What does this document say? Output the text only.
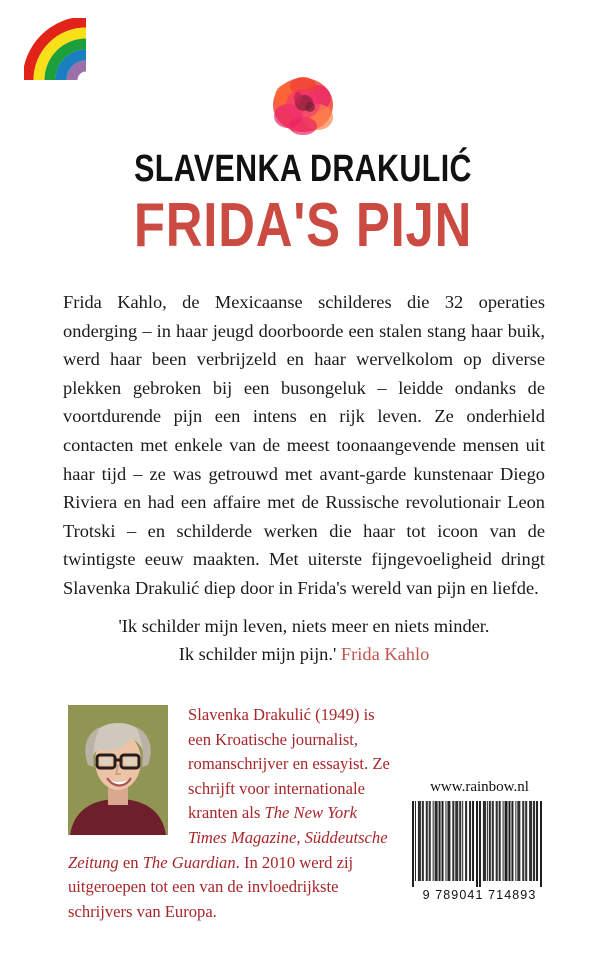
SLAVENKA DRAKULIĆ
FRIDA'S PIJN
Frida Kahlo, de Mexicaanse schilderes die 32 operaties onderging – in haar jeugd doorboorde een stalen stang haar buik, werd haar been verbrijzeld en haar wervelkolom op diverse plekken gebroken bij een busongeluk – leidde ondanks de voortdurende pijn een intens en rijk leven. Ze onderhield contacten met enkele van de meest toonaangevende mensen uit haar tijd – ze was getrouwd met avant-garde kunstenaar Diego Riviera en had een affaire met de Russische revolutionair Leon Trotski – en schilderde werken die haar tot icoon van de twintigste eeuw maakten. Met uiterste fijngevoeligheid dringt Slavenka Drakulić diep door in Frida's wereld van pijn en liefde.
'Ik schilder mijn leven, niets meer en niets minder.
Ik schilder mijn pijn.' Frida Kahlo
Slavenka Drakulić (1949) is een Kroatische journalist, romanschrijver en essayist. Ze schrijft voor internationale kranten als The New York Times Magazine, Süddeutsche Zeitung en The Guardian. In 2010 werd zij uitgeroepen tot een van de invloedrijkste schrijvers van Europa.
www.rainbow.nl
9 789041 714893
